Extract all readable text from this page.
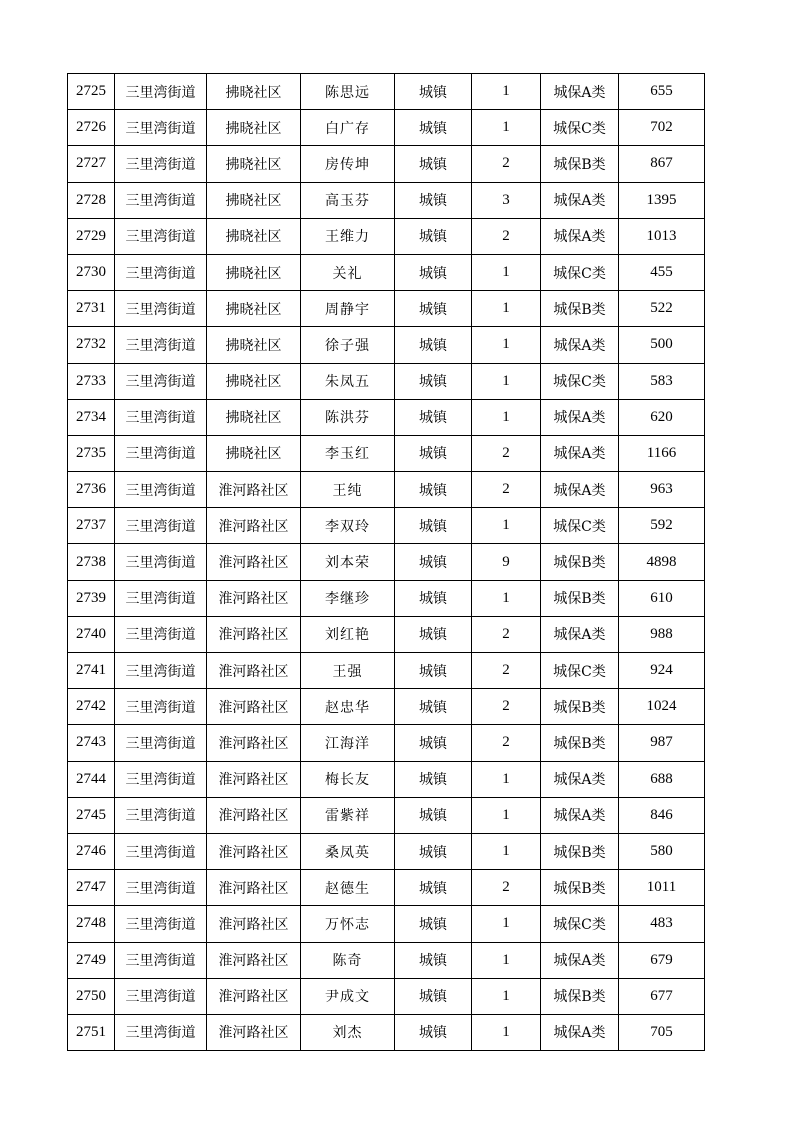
2725	三里湾街道	拂晓社区	陈思远	城镇	1	城保A类	655
2726	三里湾街道	拂晓社区	白广存	城镇	1	城保C类	702
2727	三里湾街道	拂晓社区	房传坤	城镇	2	城保B类	867
2728	三里湾街道	拂晓社区	高玉芬	城镇	3	城保A类	1395
2729	三里湾街道	拂晓社区	王维力	城镇	2	城保A类	1013
2730	三里湾街道	拂晓社区	关礼	城镇	1	城保C类	455
2731	三里湾街道	拂晓社区	周静宇	城镇	1	城保B类	522
2732	三里湾街道	拂晓社区	徐子强	城镇	1	城保A类	500
2733	三里湾街道	拂晓社区	朱凤五	城镇	1	城保C类	583
2734	三里湾街道	拂晓社区	陈洪芬	城镇	1	城保A类	620
2735	三里湾街道	拂晓社区	李玉红	城镇	2	城保A类	1166
2736	三里湾街道	淮河路社区	王纯	城镇	2	城保A类	963
2737	三里湾街道	淮河路社区	李双玲	城镇	1	城保C类	592
2738	三里湾街道	淮河路社区	刘本荣	城镇	9	城保B类	4898
2739	三里湾街道	淮河路社区	李继珍	城镇	1	城保B类	610
2740	三里湾街道	淮河路社区	刘红艳	城镇	2	城保A类	988
2741	三里湾街道	淮河路社区	王强	城镇	2	城保C类	924
2742	三里湾街道	淮河路社区	赵忠华	城镇	2	城保B类	1024
2743	三里湾街道	淮河路社区	江海洋	城镇	2	城保B类	987
2744	三里湾街道	淮河路社区	梅长友	城镇	1	城保A类	688
2745	三里湾街道	淮河路社区	雷紫祥	城镇	1	城保A类	846
2746	三里湾街道	淮河路社区	桑凤英	城镇	1	城保B类	580
2747	三里湾街道	淮河路社区	赵德生	城镇	2	城保B类	1011
2748	三里湾街道	淮河路社区	万怀志	城镇	1	城保C类	483
2749	三里湾街道	淮河路社区	陈奇	城镇	1	城保A类	679
2750	三里湾街道	淮河路社区	尹成文	城镇	1	城保B类	677
2751	三里湾街道	淮河路社区	刘杰	城镇	1	城保A类	705
